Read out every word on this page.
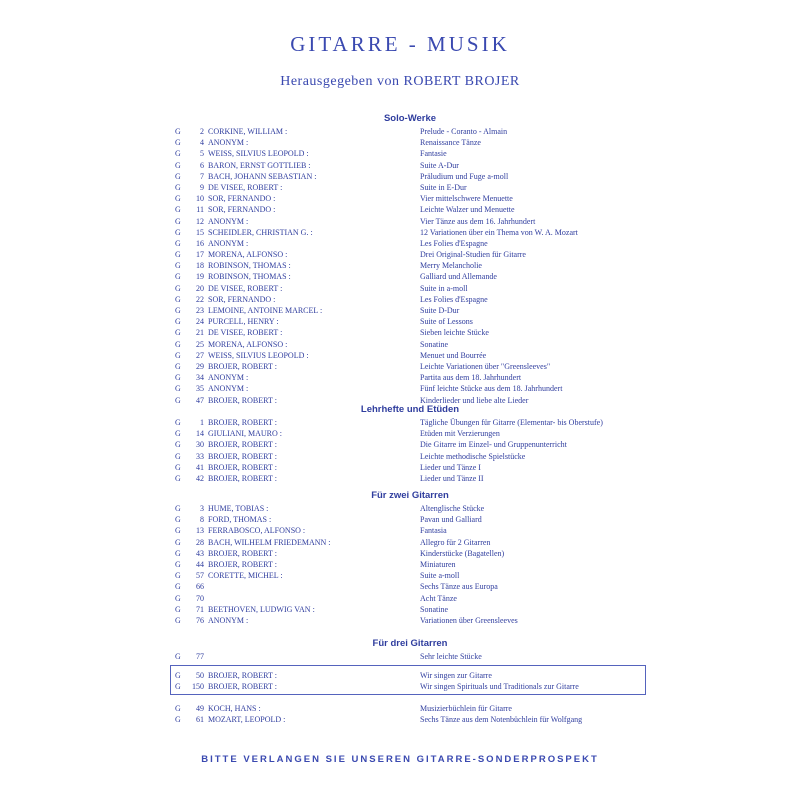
GITARRE - MUSIK
Herausgegeben von ROBERT BROJER
Solo-Werke
G	2 CORKINE, WILLIAM :	Prelude - Coranto - Almain
G	4 ANONYM :	Renaissance Tänze
G	5 WEISS, SILVIUS LEOPOLD :	Fantasie
G	6 BARON, ERNST GOTTLIEB :	Suite A-Dur
G	7 BACH, JOHANN SEBASTIAN :	Präludium und Fuge a-moll
G	9 DE VISEE, ROBERT :	Suite in E-Dur
G	10 SOR, FERNANDO :	Vier mittelschwere Menuette
G	11 SOR, FERNANDO :	Leichte Walzer und Menuette
G	12 ANONYM :	Vier Tänze aus dem 16. Jahrhundert
G	15 SCHEIDLER, CHRISTIAN G. :	12 Variationen über ein Thema von W. A. Mozart
G	16 ANONYM :	Les Folies d'Espagne
G	17 MORENA, ALFONSO :	Drei Original-Studien für Gitarre
G	18 ROBINSON, THOMAS :	Merry Melancholie
G	19 ROBINSON, THOMAS :	Galliard und Allemande
G	20 DE VISEE, ROBERT :	Suite in a-moll
G	22 SOR, FERNANDO :	Les Folies d'Espagne
G	23 LEMOINE, ANTOINE MARCEL :	Suite D-Dur
G	24 PURCELL, HENRY :	Suite of Lessons
G	21 DE VISEE, ROBERT :	Sieben leichte Stücke
G	25 MORENA, ALFONSO :	Sonatine
G	27 WEISS, SILVIUS LEOPOLD :	Menuet und Bourrée
G	29 BROJER, ROBERT :	Leichte Variationen über "Greensleeves"
G	34 ANONYM :	Partita aus dem 18. Jahrhundert
G	35 ANONYM :	Fünf leichte Stücke aus dem 18. Jahrhundert
G	47 BROJER, ROBERT :	Kinderlieder und liebe alte Lieder
Lehrhefte und Etüden
G	1 BROJER, ROBERT :	Tägliche Übungen für Gitarre (Elementar- bis Oberstufe)
G	14 GIULIANI, MAURO :	Etüden mit Verzierungen
G	30 BROJER, ROBERT :	Die Gitarre im Einzel- und Gruppenunterricht
G	33 BROJER, ROBERT :	Leichte methodische Spielstücke
G	41 BROJER, ROBERT :	Lieder und Tänze I
G	42 BROJER, ROBERT :	Lieder und Tänze II
Für zwei Gitarren
G	3 HUME, TOBIAS :	Altenglische Stücke
G	8 FORD, THOMAS :	Pavan und Galliard
G	13 FERRABOSCO, ALFONSO :	Fantasia
G	28 BACH, WILHELM FRIEDEMANN :	Allegro für 2 Gitarren
G	43 BROJER, ROBERT :	Kinderstücke (Bagatellen)
G	44 BROJER, ROBERT :	Miniaturen
G	57 CORETTE, MICHEL :	Suite a-moll
G	66	Sechs Tänze aus Europa
G	70	Acht Tänze
G	71 BEETHOVEN, LUDWIG VAN :	Sonatine
G	76 ANONYM :	Variationen über Greensleeves
Für drei Gitarren
G	77	Sehr leichte Stücke
G	50 BROJER, ROBERT :	Wir singen zur Gitarre
G	150 BROJER, ROBERT :	Wir singen Spirituals und Traditionals zur Gitarre
G	49 KOCH, HANS :	Musizierbüchlein für Gitarre
G	61 MOZART, LEOPOLD :	Sechs Tänze aus dem Notenbüchlein für Wolfgang
BITTE VERLANGEN SIE UNSEREN GITARRE-SONDERPROSPEKT
